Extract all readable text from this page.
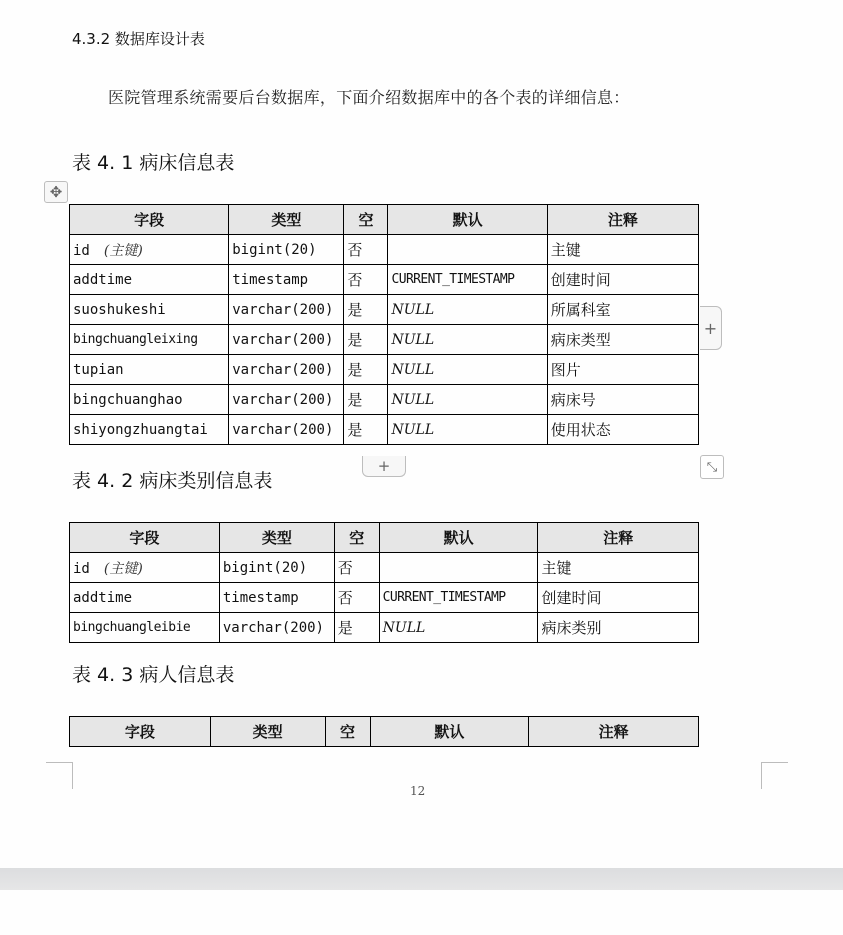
4.3.2 数据库设计表
医院管理系统需要后台数据库，下面介绍数据库中的各个表的详细信息：
表 4. 1 病床信息表
✥
字段	类型	空	默认	注释
id (主键)	bigint(20)	否		主键
addtime	timestamp	否	CURRENT_TIMESTAMP	创建时间
suoshukeshi	varchar(200)	是	NULL	所属科室
bingchuangleixing	varchar(200)	是	NULL	病床类型
tupian	varchar(200)	是	NULL	图片
bingchuanghao	varchar(200)	是	NULL	病床号
shiyongzhuangtai	varchar(200)	是	NULL	使用状态
+
+	⤡
表 4. 2 病床类别信息表
字段	类型	空	默认	注释
id (主键)	bigint(20)	否		主键
addtime	timestamp	否	CURRENT_TIMESTAMP	创建时间
bingchuangleibie	varchar(200)	是	NULL	病床类别
表 4. 3 病人信息表
字段	类型	空	默认	注释
12
